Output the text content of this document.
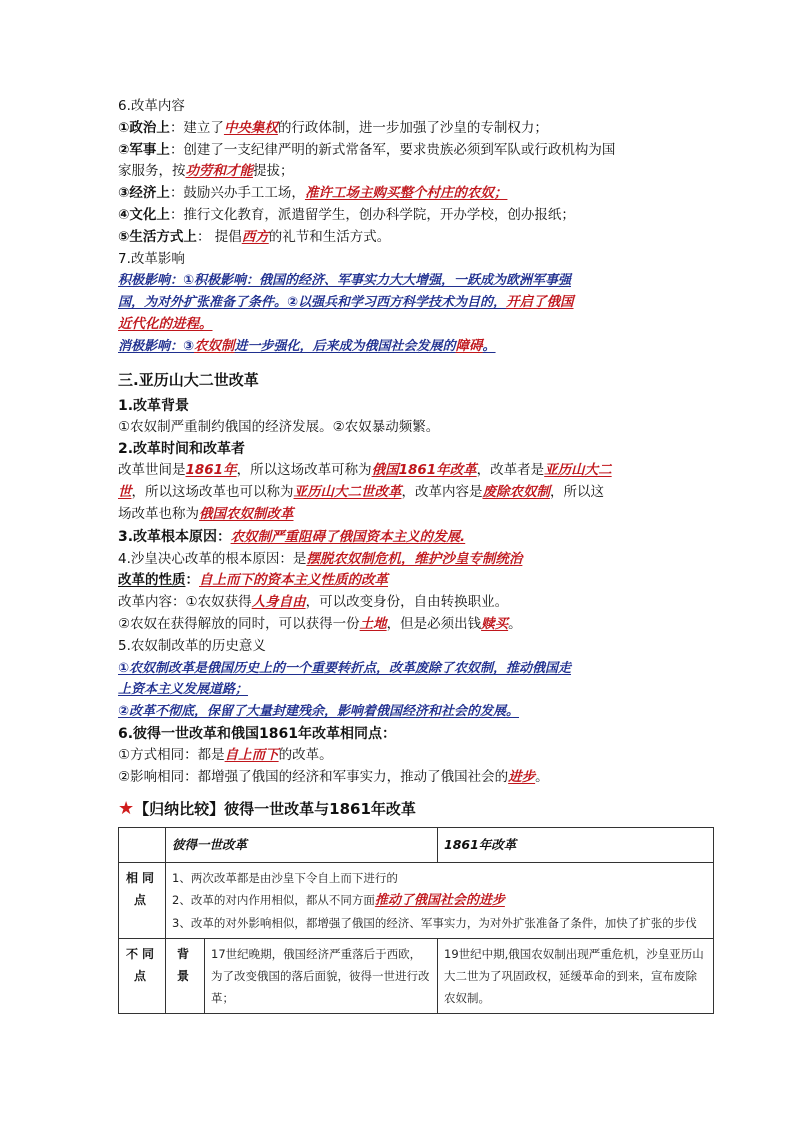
6.改革内容
①政治上：建立了中央集权的行政体制，进一步加强了沙皇的专制权力；
②军事上：创建了一支纪律严明的新式常备军，要求贵族必须到军队或行政机构为国
家服务，按功劳和才能提拔；
③经济上：鼓励兴办手工工场，准许工场主购买整个村庄的农奴；
④文化上：推行文化教育，派遣留学生，创办科学院，开办学校，创办报纸；
⑤生活方式上： 提倡西方的礼节和生活方式。
7.改革影响
积极影响：①积极影响：俄国的经济、军事实力大大增强，一跃成为欧洲军事强
国，为对外扩张准备了条件。②以强兵和学习西方科学技术为目的，开启了俄国
近代化的进程。
消极影响：③农奴制进一步强化，后来成为俄国社会发展的障碍。
三.亚历山大二世改革
1.改革背景
①农奴制严重制约俄国的经济发展。②农奴暴动频繁。
2.改革时间和改革者
改革世间是1861年，所以这场改革可称为俄国1861年改革，改革者是亚历山大二
世，所以这场改革也可以称为亚历山大二世改革，改革内容是废除农奴制，所以这
场改革也称为俄国农奴制改革
3.改革根本原因：农奴制严重阻碍了俄国资本主义的发展.
4.沙皇决心改革的根本原因：是摆脱农奴制危机，维护沙皇专制统治
改革的性质：自上而下的资本主义性质的改革
改革内容：①农奴获得人身自由，可以改变身份，自由转换职业。
②农奴在获得解放的同时，可以获得一份土地，但是必须出钱赎买。
5.农奴制改革的历史意义
①农奴制改革是俄国历史上的一个重要转折点，改革废除了农奴制，推动俄国走
上资本主义发展道路；
②改革不彻底，保留了大量封建残余，影响着俄国经济和社会的发展。
6.彼得一世改革和俄国1861年改革相同点：
①方式相同：都是自上而下的改革。
②影响相同：都增强了俄国的经济和军事实力，推动了俄国社会的进步。
★【归纳比较】彼得一世改革与1861年改革
	彼得一世改革		1861年改革
相同点	1、两次改革都是由沙皇下令自上而下进行的
2、改革的对内作用相似，都从不同方面推动了俄国社会的进步
3、改革的对外影响相似，都增强了俄国的经济、军事实力，为对外扩张准备了条件，加快了扩张的步伐		

不同点	背景	17世纪晚期，俄国经济严重落后于西欧，为了改变俄国的落后面貌，彼得一世进行改革；	19世纪中期,俄国农奴制出现严重危机，沙皇亚历山大二世为了巩固政权，延缓革命的到来，宣布废除农奴制。
